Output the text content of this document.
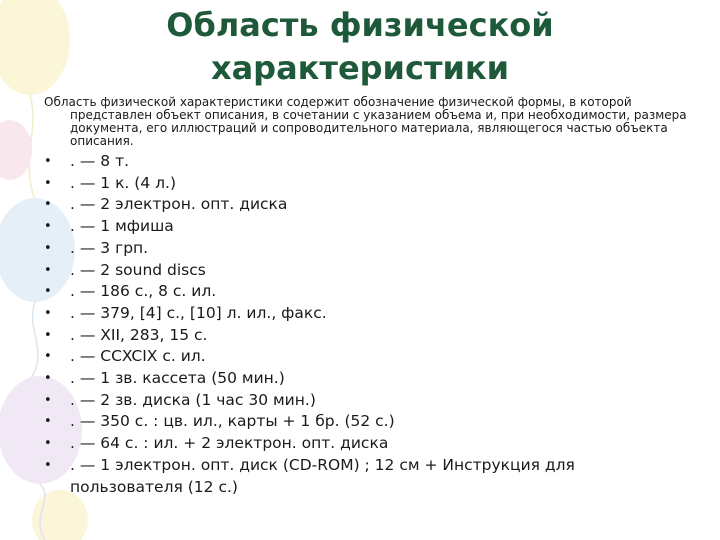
Область физической характеристики

Область физической характеристики содержит обозначение физической формы, в которой представлен объект описания, в сочетании с указанием объема и, при необходимости, размера документа, его иллюстраций и сопроводительного материала, являющегося частью объекта описания.

•	. — 8 т.
•	. — 1 к. (4 л.)
•	. — 2 электрон. опт. диска
•	. — 1 мфиша
•	. — 3 грп.
•	. — 2 sound discs
•	. — 186 с., 8 с. ил.
•	. — 379, [4] с., [10] л. ил., факс.
•	. — XII, 283, 15 с.
•	. — CCXCIX с. ил.
•	. — 1 зв. кассета (50 мин.)
•	. — 2 зв. диска (1 час 30 мин.)
•	. — 350 с. : цв. ил., карты + 1 бр. (52 с.)
•	. — 64 с. : ил. + 2 электрон. опт. диска
•	. — 1 электрон. опт. диск (CD-ROM) ; 12 см + Инструкция для пользователя (12 с.)
